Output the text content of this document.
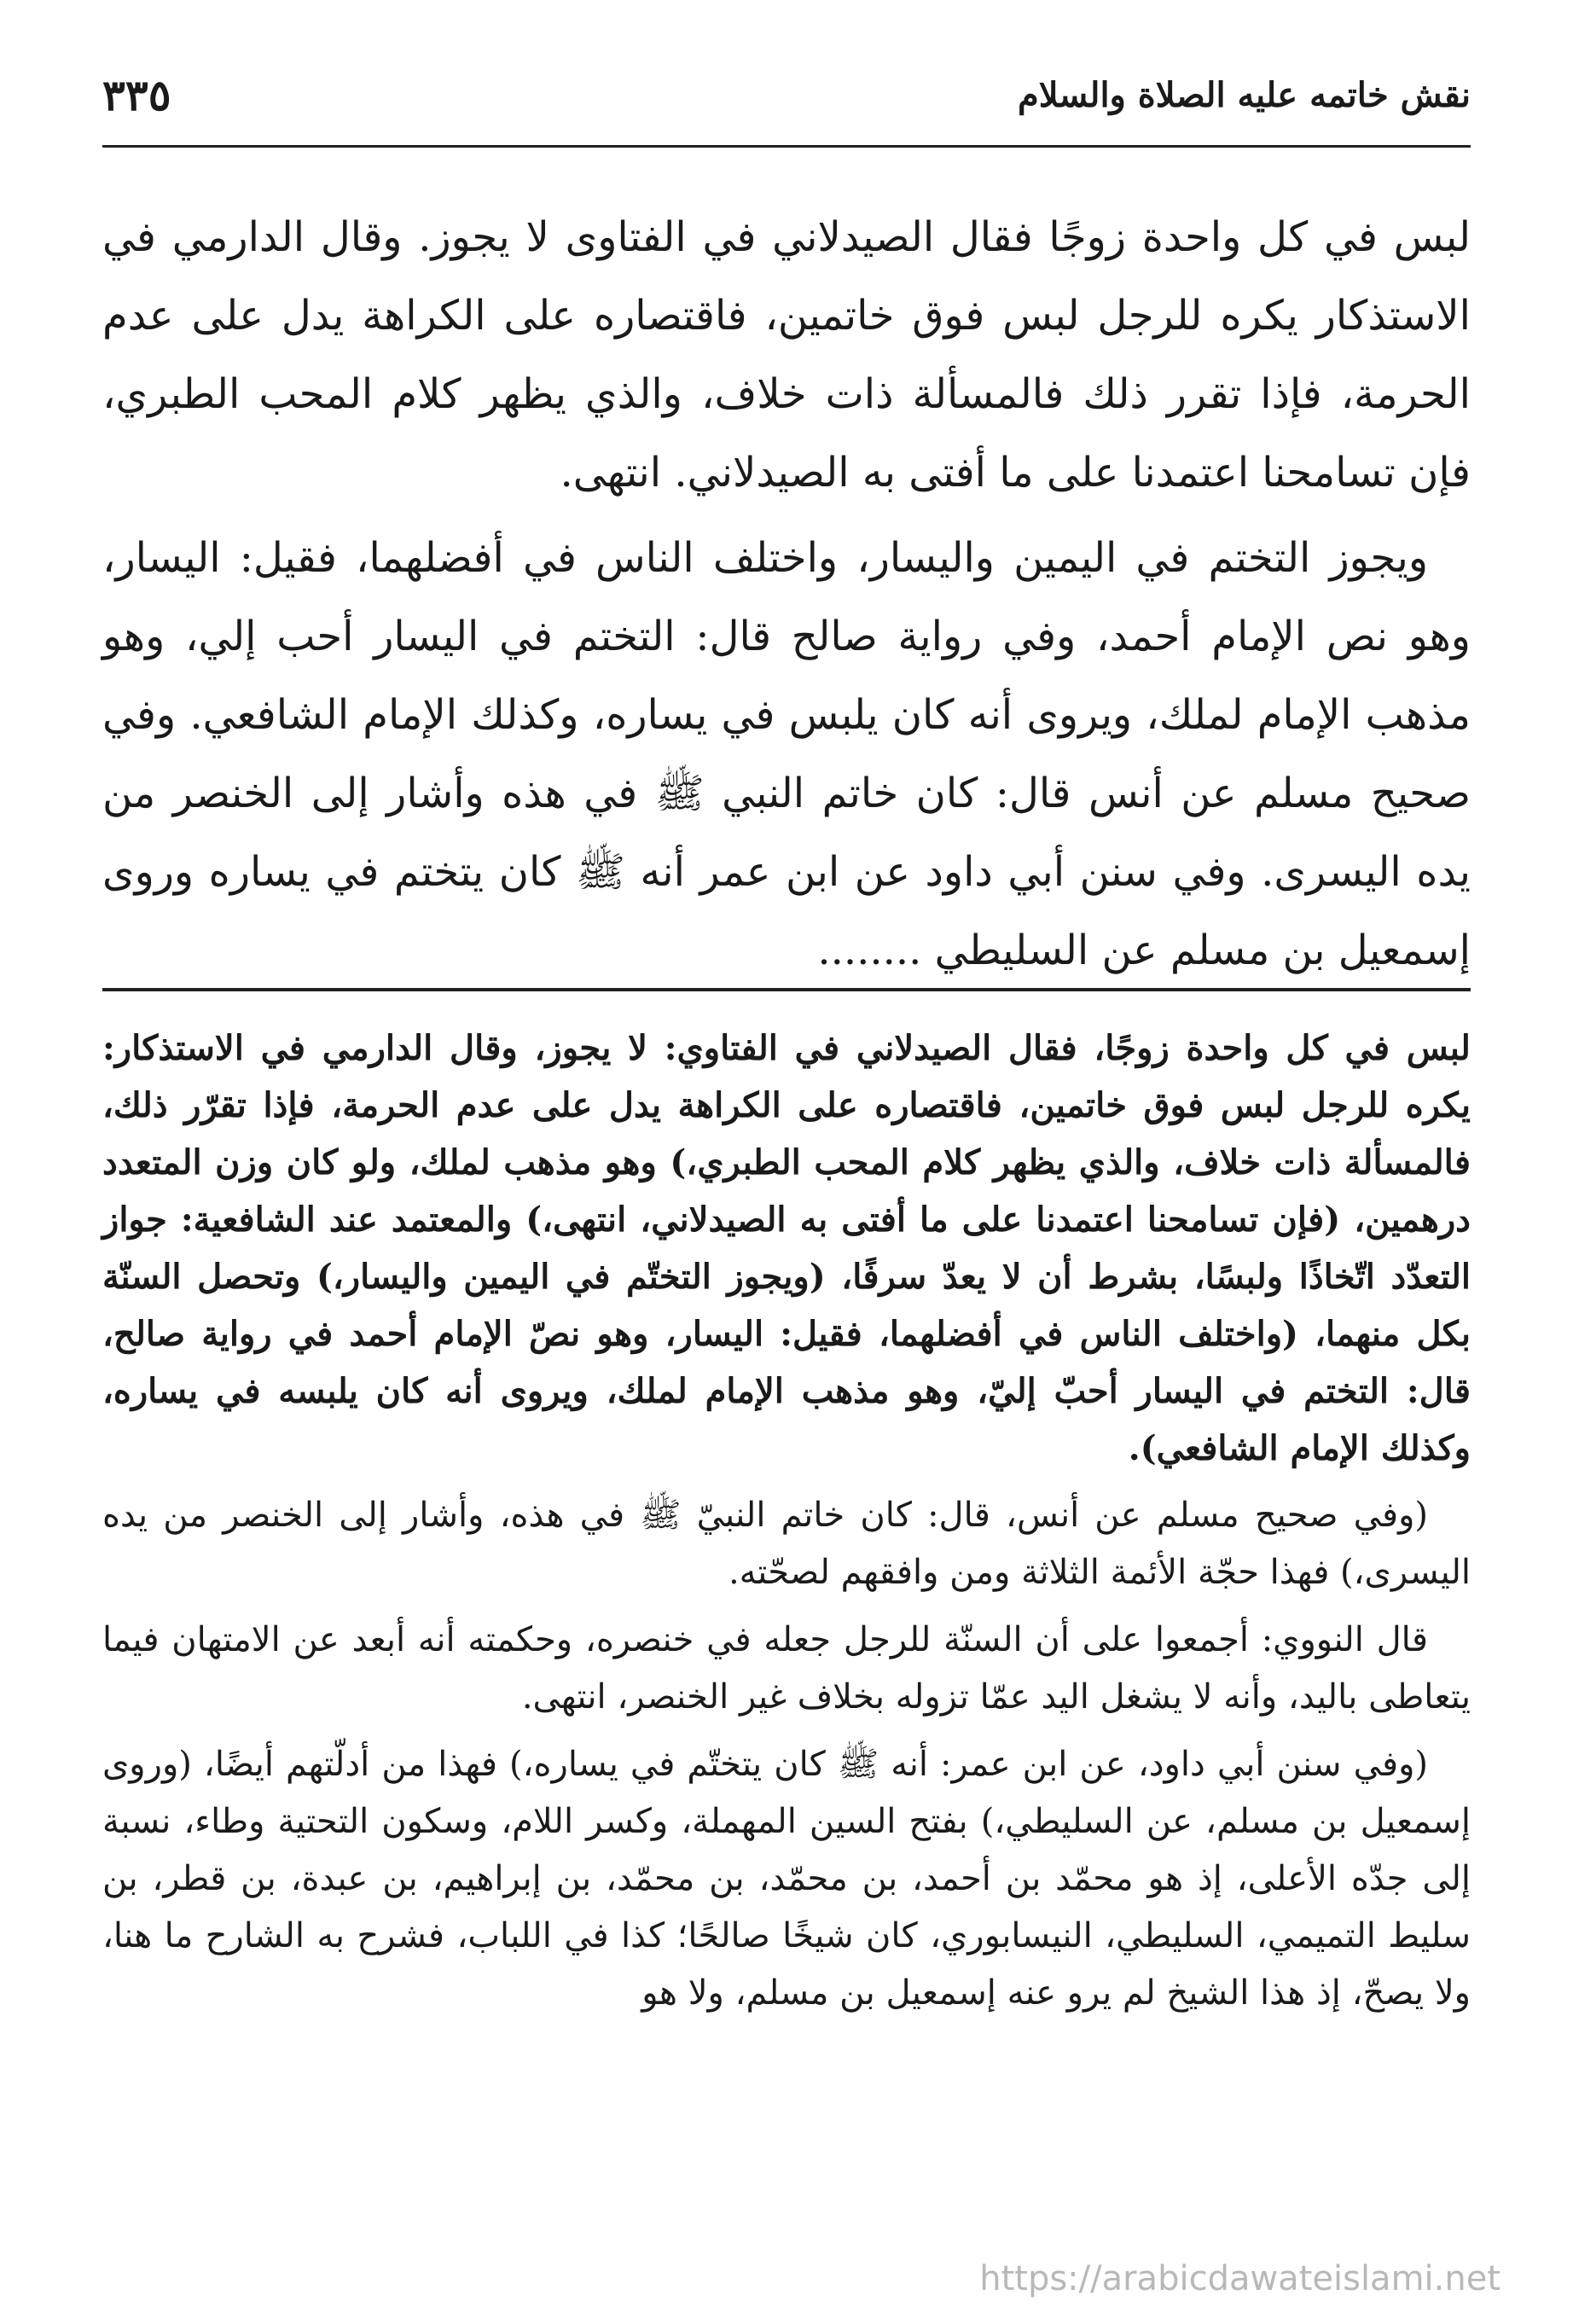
نقش خاتمه عليه الصلاة والسلام
٣٣٥

لبس في كل واحدة زوجًا فقال الصيدلاني في الفتاوى لا يجوز. وقال الدارمي في الاستذكار يكره للرجل لبس فوق خاتمين، فاقتصاره على الكراهة يدل على عدم الحرمة، فإذا تقرر ذلك فالمسألة ذات خلاف، والذي يظهر كلام المحب الطبري، فإن تسامحنا اعتمدنا على ما أفتى به الصيدلاني. انتهى.

ويجوز التختم في اليمين واليسار، واختلف الناس في أفضلهما، فقيل: اليسار، وهو نص الإمام أحمد، وفي رواية صالح قال: التختم في اليسار أحب إلي، وهو مذهب الإمام لملك، ويروى أنه كان يلبس في يساره، وكذلك الإمام الشافعي. وفي صحيح مسلم عن أنس قال: كان خاتم النبي ﷺ في هذه وأشار إلى الخنصر من يده اليسرى. وفي سنن أبي داود عن ابن عمر أنه ﷺ كان يتختم في يساره وروى إسمعيل بن مسلم عن السليطي ........

لبس في كل واحدة زوجًا، فقال الصيدلاني في الفتاوي: لا يجوز، وقال الدارمي في الاستذكار: يكره للرجل لبس فوق خاتمين، فاقتصاره على الكراهة يدل على عدم الحرمة، فإذا تقرّر ذلك، فالمسألة ذات خلاف، والذي يظهر كلام المحب الطبري،) وهو مذهب لملك، ولو كان وزن المتعدد درهمين، (فإن تسامحنا اعتمدنا على ما أفتى به الصيدلاني، انتهى،) والمعتمد عند الشافعية: جواز التعدّد اتّخاذًا ولبسًا، بشرط أن لا يعدّ سرفًا، (ويجوز التختّم في اليمين واليسار،) وتحصل السنّة بكل منهما، (واختلف الناس في أفضلهما، فقيل: اليسار، وهو نصّ الإمام أحمد في رواية صالح، قال: التختم في اليسار أحبّ إليّ، وهو مذهب الإمام لملك، ويروى أنه كان يلبسه في يساره، وكذلك الإمام الشافعي).

(وفي صحيح مسلم عن أنس، قال: كان خاتم النبيّ ﷺ في هذه، وأشار إلى الخنصر من يده اليسرى،) فهذا حجّة الأئمة الثلاثة ومن وافقهم لصحّته.

قال النووي: أجمعوا على أن السنّة للرجل جعله في خنصره، وحكمته أنه أبعد عن الامتهان فيما يتعاطى باليد، وأنه لا يشغل اليد عمّا تزوله بخلاف غير الخنصر، انتهى.

(وفي سنن أبي داود، عن ابن عمر: أنه ﷺ كان يتختّم في يساره،) فهذا من أدلّتهم أيضًا، (وروى إسمعيل بن مسلم، عن السليطي،) بفتح السين المهملة، وكسر اللام، وسكون التحتية وطاء، نسبة إلى جدّه الأعلى، إذ هو محمّد بن أحمد، بن محمّد، بن محمّد، بن إبراهيم، بن عبدة، بن قطر، بن سليط التميمي، السليطي، النيسابوري، كان شيخًا صالحًا؛ كذا في اللباب، فشرح به الشارح ما هنا، ولا يصحّ، إذ هذا الشيخ لم يرو عنه إسمعيل بن مسلم، ولا هو

https://arabicdawateislami.net
